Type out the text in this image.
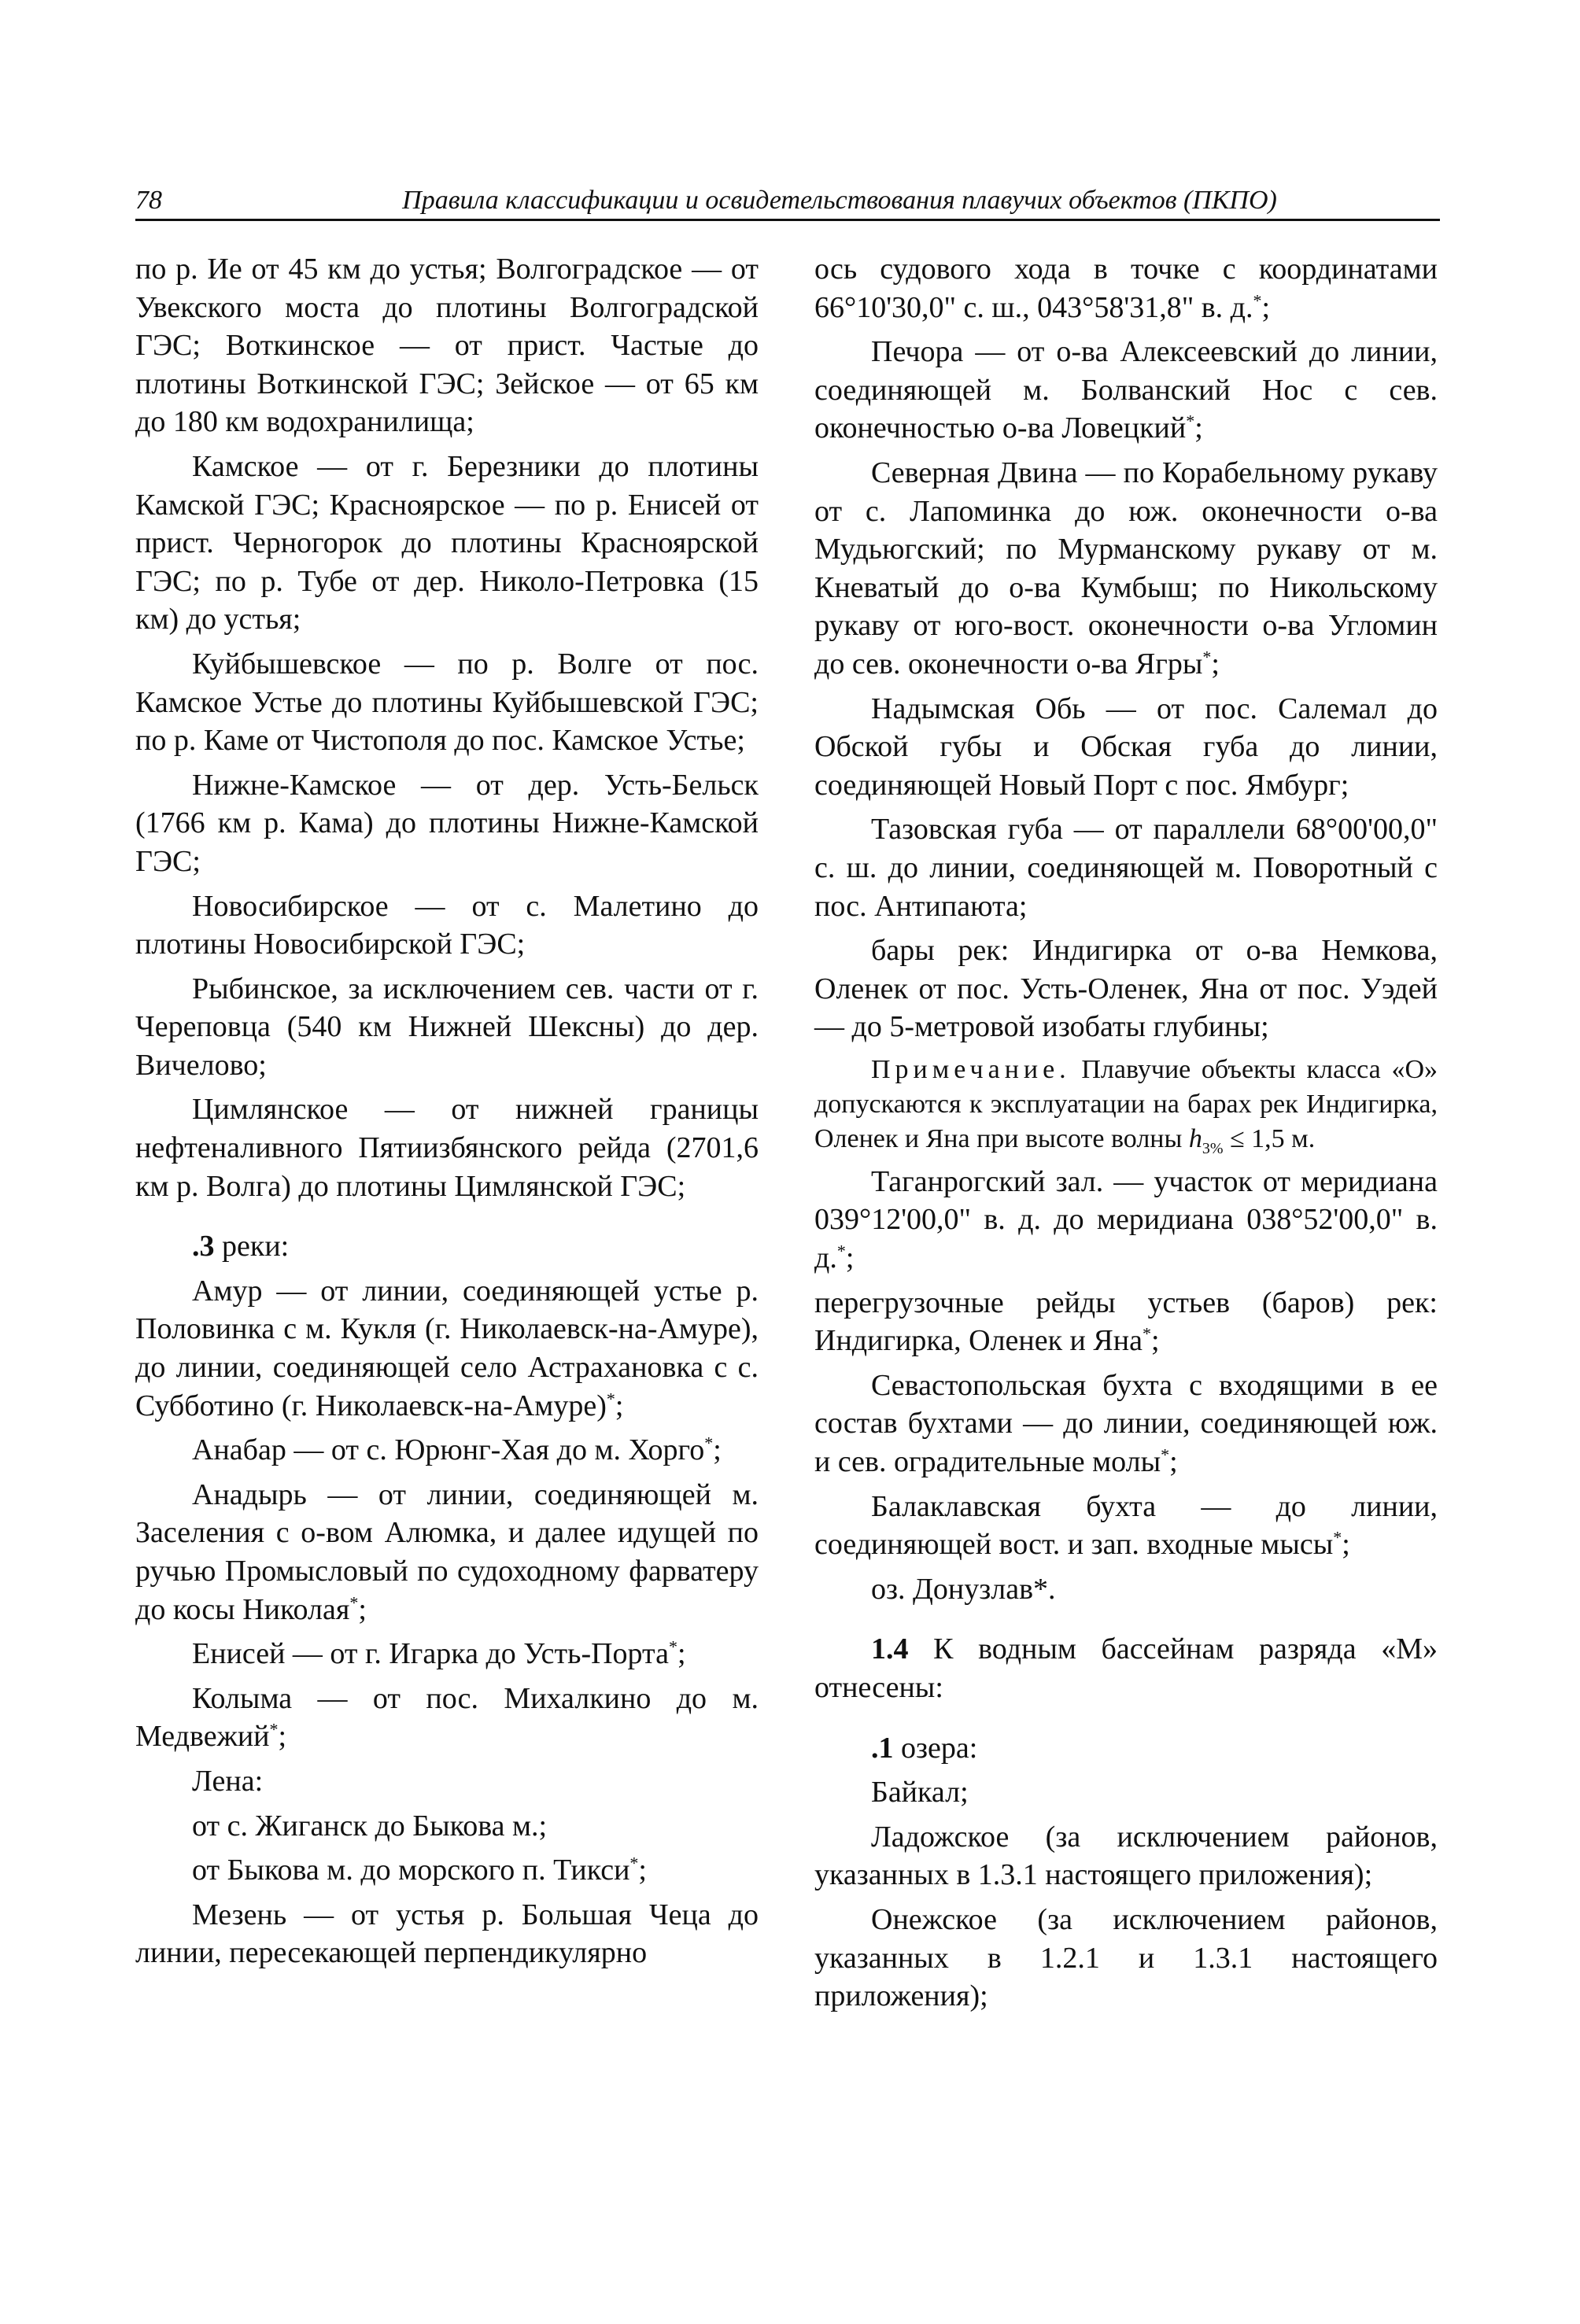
78	Правила классификации и освидетельствования плавучих объектов (ПКПО)

по р. Ие от 45 км до устья; Волгоградское — от Увекского моста до плотины Волгоградской ГЭС; Воткинское — от прист. Частые до плотины Воткинской ГЭС; Зейское — от 65 км до 180 км водохранилища;

Камское — от г. Березники до плотины Камской ГЭС; Красноярское — по р. Енисей от прист. Черногорок до плотины Красноярской ГЭС; по р. Тубе от дер. Николо-Петровка (15 км) до устья;

Куйбышевское — по р. Волге от пос. Камское Устье до плотины Куйбышевской ГЭС; по р. Каме от Чистополя до пос. Камское Устье;

Нижне-Камское — от дер. Усть-Бельск (1766 км р. Кама) до плотины Нижне-Камской ГЭС;

Новосибирское — от с. Малетино до плотины Новосибирской ГЭС;

Рыбинское, за исключением сев. части от г. Череповца (540 км Нижней Шексны) до дер. Вичелово;

Цимлянское — от нижней границы нефтеналивного Пятиизбянского рейда (2701,6 км р. Волга) до плотины Цимлянской ГЭС;

.3 реки:

Амур — от линии, соединяющей устье р. Половинка с м. Кукля (г. Николаевск-на-Амуре), до линии, соединяющей село Астрахановка с с. Субботино (г. Николаевск-на-Амуре)*;

Анабар — от с. Юрюнг-Хая до м. Хорго*;

Анадырь — от линии, соединяющей м. Заселения с о-вом Алюмка, и далее идущей по ручью Промысловый по судоходному фарватеру до косы Николая*;

Енисей — от г. Игарка до Усть-Порта*;

Колыма — от пос. Михалкино до м. Медвежий*;

Лена:

от с. Жиганск до Быкова м.;

от Быкова м. до морского п. Тикси*;

Мезень — от устья р. Большая Чеца до линии, пересекающей перпендикулярно

ось судового хода в точке с координатами 66°10'30,0" с. ш., 043°58'31,8" в. д.*;

Печора — от о-ва Алексеевский до линии, соединяющей м. Болванский Нос с сев. оконечностью о-ва Ловецкий*;

Северная Двина — по Корабельному рукаву от с. Лапоминка до юж. оконечности о-ва Мудьюгский; по Мурманскому рукаву от м. Кневатый до о-ва Кумбыш; по Никольскому рукаву от юго-вост. оконечности о-ва Угломин до сев. оконечности о-ва Ягры*;

Надымская Обь — от пос. Салемал до Обской губы и Обская губа до линии, соединяющей Новый Порт с пос. Ямбург;

Тазовская губа — от параллели 68°00'00,0" с. ш. до линии, соединяющей м. Поворотный с пос. Антипаюта;

бары рек: Индигирка от о-ва Немкова, Оленек от пос. Усть-Оленек, Яна от пос. Уэдей — до 5-метровой изобаты глубины;

Примечание. Плавучие объекты класса «О» допускаются к эксплуатации на барах рек Индигирка, Оленек и Яна при высоте волны $h_{3\%} \le 1,5$ м.

Таганрогский зал. — участок от меридиана 039°12'00,0" в. д. до меридиана 038°52'00,0" в. д.*;

перегрузочные рейды устьев (баров) рек: Индигирка, Оленек и Яна*;

Севастопольская бухта с входящими в ее состав бухтами — до линии, соединяющей юж. и сев. оградительные молы*;

Балаклавская бухта — до линии, соединяющей вост. и зап. входные мысы*;

оз. Донузлав*.

1.4 К водным бассейнам разряда «М» отнесены:

.1 озера:

Байкал;

Ладожское (за исключением районов, указанных в 1.3.1 настоящего приложения);

Онежское (за исключением районов, указанных в 1.2.1 и 1.3.1 настоящего приложения);
